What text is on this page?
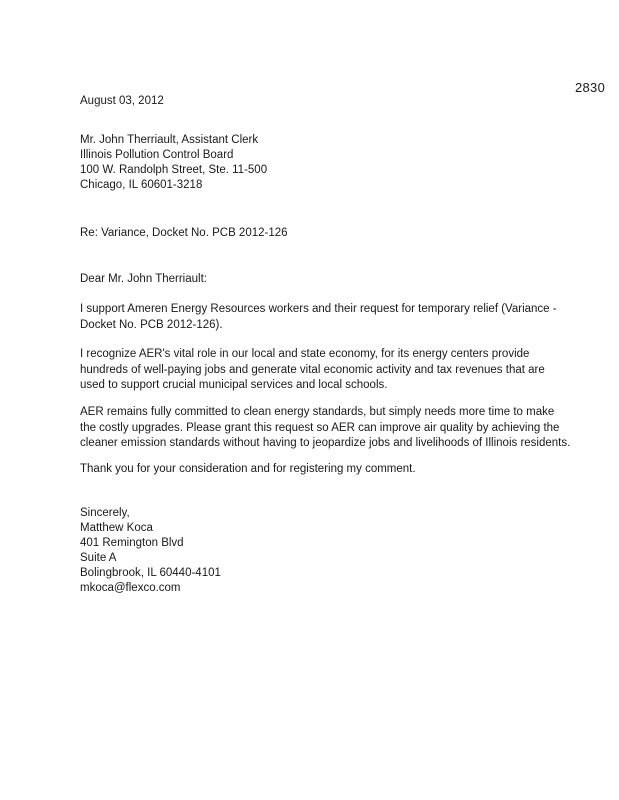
2830
August 03, 2012
Mr. John Therriault, Assistant Clerk
Illinois Pollution Control Board
100 W. Randolph Street, Ste. 11-500
Chicago, IL 60601-3218
Re: Variance, Docket No. PCB 2012-126
Dear Mr. John Therriault:
I support Ameren Energy Resources workers and their request for temporary relief (Variance -
Docket No. PCB 2012-126).
I recognize AER's vital role in our local and state economy, for its energy centers provide
hundreds of well-paying jobs and generate vital economic activity and tax revenues that are
used to support crucial municipal services and local schools.
AER remains fully committed to clean energy standards, but simply needs more time to make
the costly upgrades. Please grant this request so AER can improve air quality by achieving the
cleaner emission standards without having to jeopardize jobs and livelihoods of Illinois residents.
Thank you for your consideration and for registering my comment.
Sincerely,
Matthew Koca
401 Remington Blvd
Suite A
Bolingbrook, IL 60440-4101
mkoca@flexco.com
